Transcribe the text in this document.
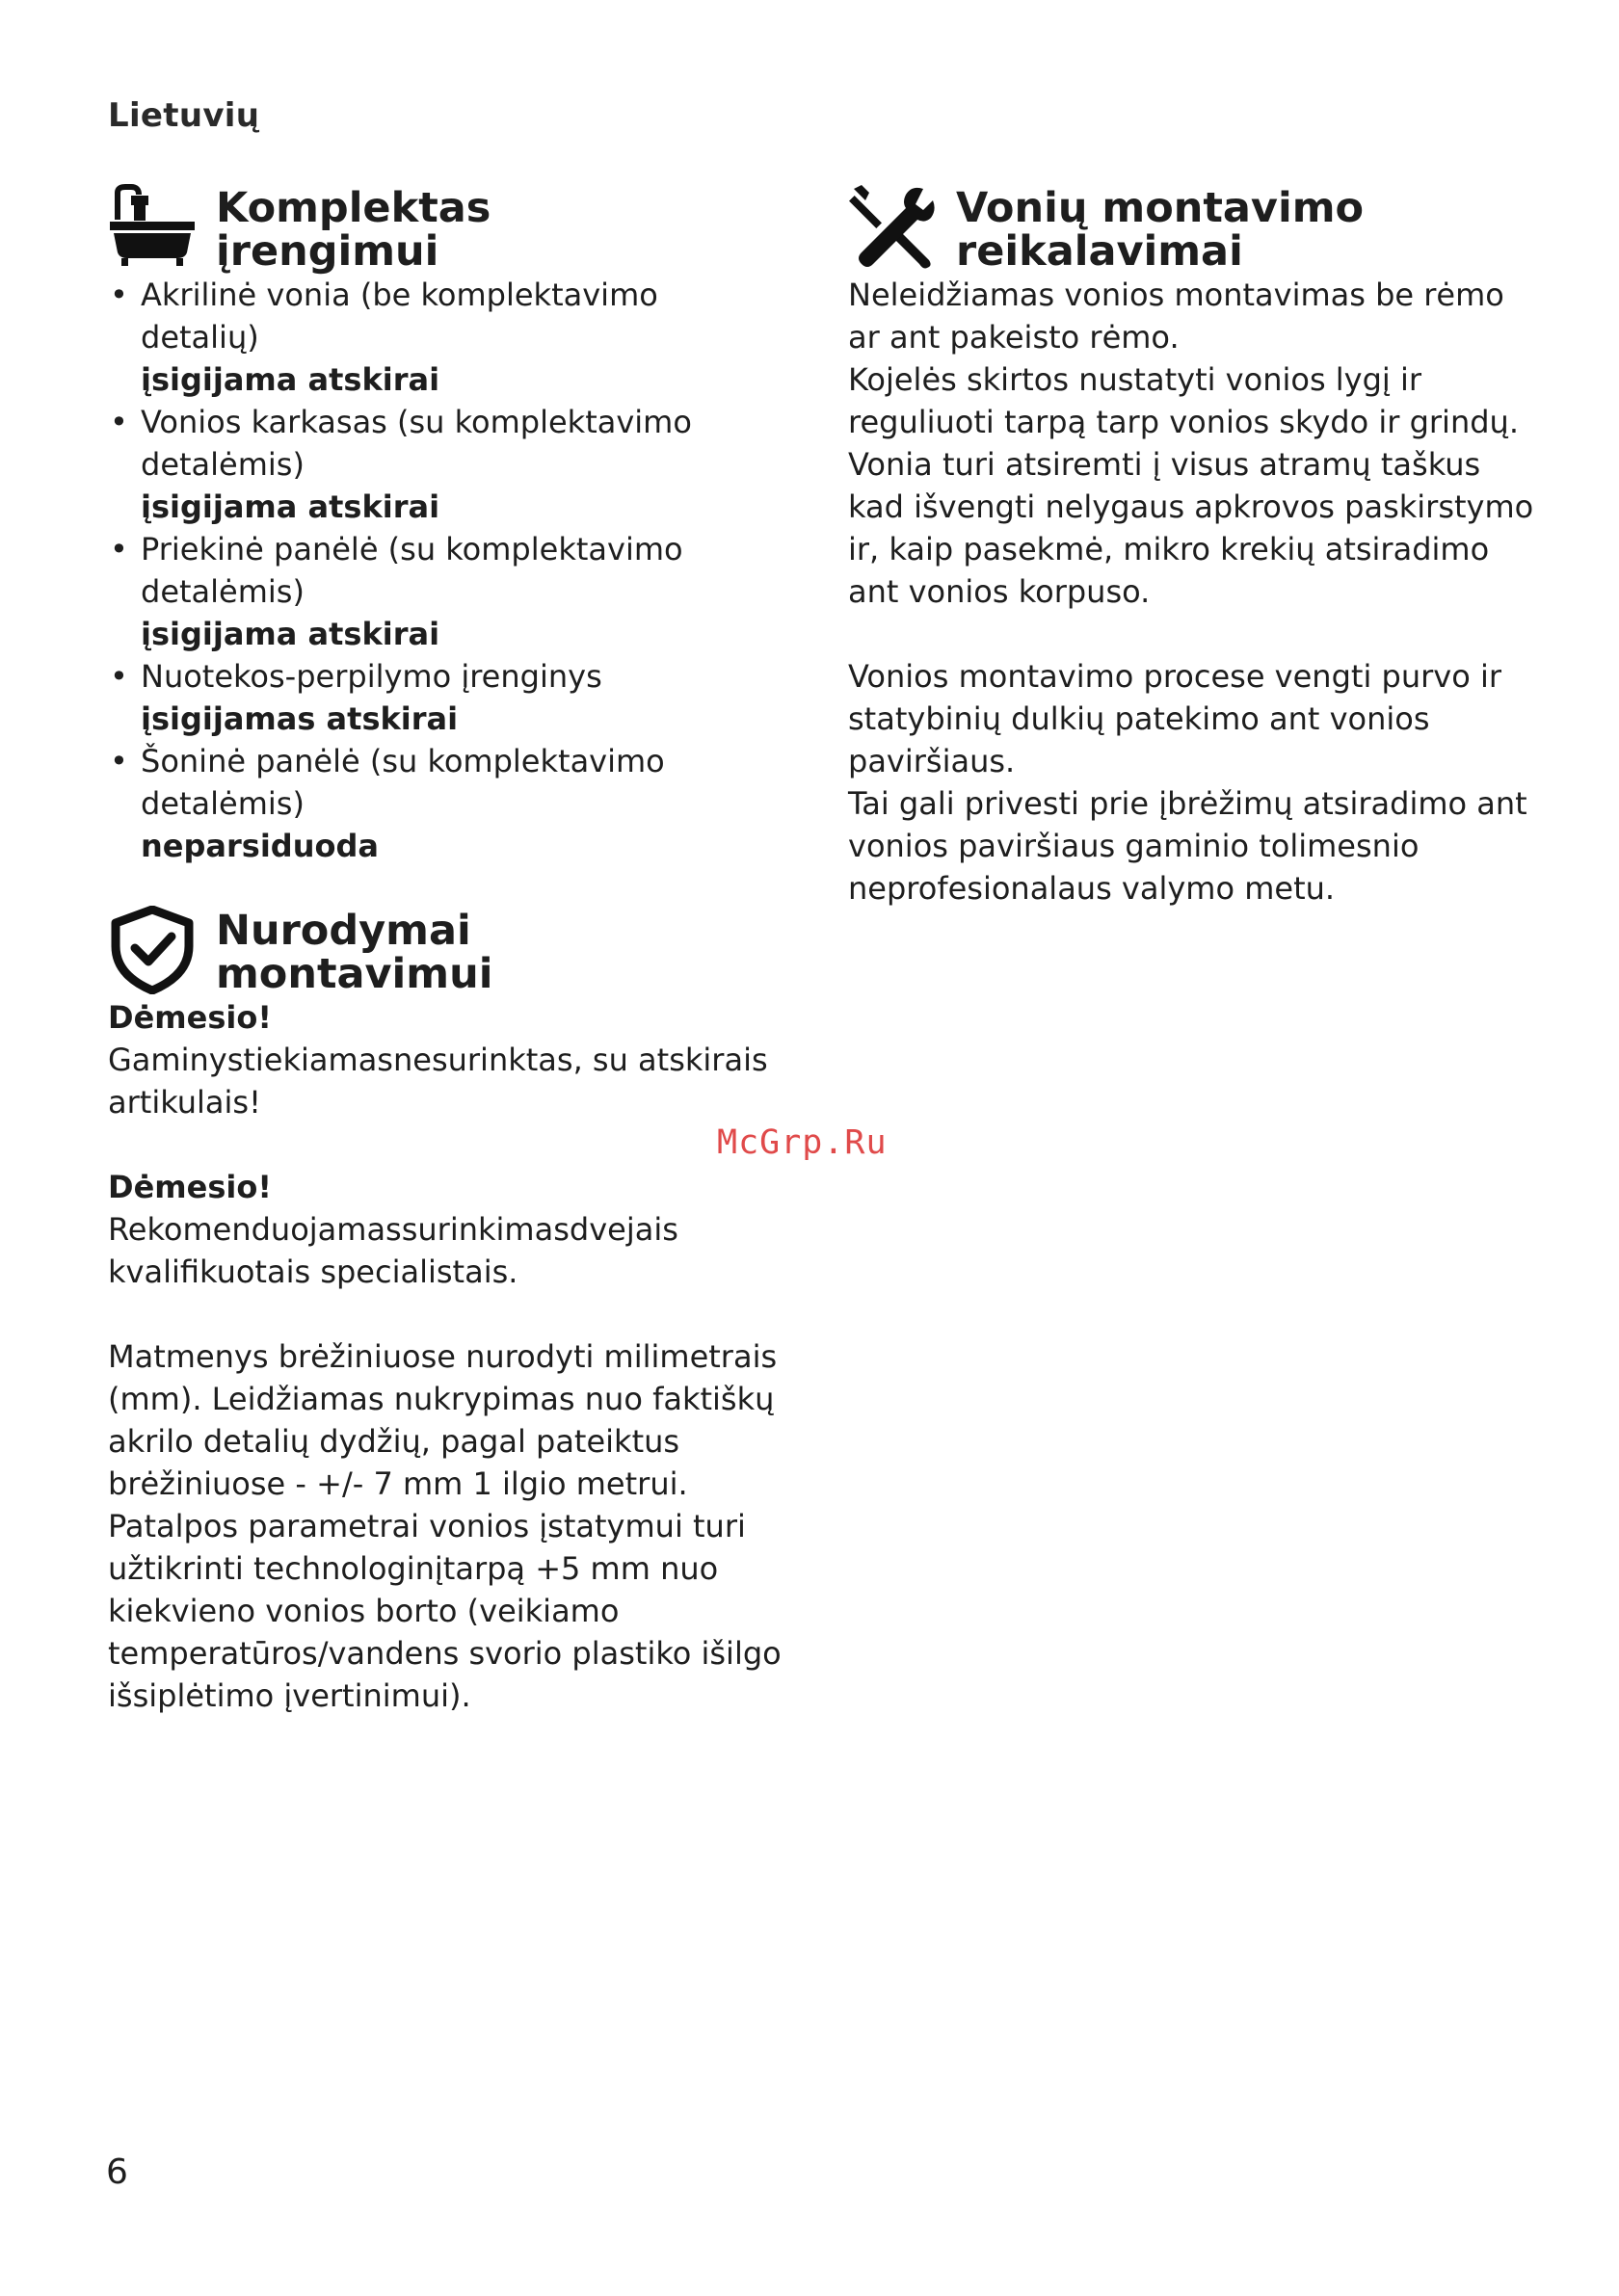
Lietuvių
Komplektas
įrengimui
• Akrilinė vonia (be komplektavimo detalių)
įsigijama atskirai
• Vonios karkasas (su komplektavimo detalėmis)
įsigijama atskirai
• Priekinė panėlė (su komplektavimo detalėmis)
įsigijama atskirai
• Nuotekos-perpilymo įrenginys
įsigijamas atskirai
• Šoninė panėlė (su komplektavimo detalėmis)
neparsiduoda
Nurodymai
montavimui
Dėmesio!
Gaminystiekiamasnesurinktas, su atskirais artikulais!
Dėmesio!
Rekomenduojamassurinkimasdvejais kvalifikuotais specialistais.
Matmenys brėžiniuose nurodyti milimetrais (mm). Leidžiamas nukrypimas nuo faktiškų akrilo detalių dydžių, pagal pateiktus brėžiniuose - +/- 7 mm 1 ilgio metrui.
Patalpos parametrai vonios įstatymui turi užtikrinti technologinįtarpą +5 mm nuo kiekvieno vonios borto (veikiamo temperatūros/vandens svorio plastiko išilgo išsiplėtimo įvertinimui).
Vonių montavimo
reikalavimai
Neleidžiamas vonios montavimas be rėmo ar ant pakeisto rėmo.
Kojelės skirtos nustatyti vonios lygį ir reguliuoti tarpą tarp vonios skydo ir grindų. Vonia turi atsiremti į visus atramų taškus kad išvengti nelygaus apkrovos paskirstymo ir, kaip pasekmė, mikro krekių atsiradimo ant vonios korpuso.
Vonios montavimo procese vengti purvo ir statybinių dulkių patekimo ant vonios paviršiaus.
Tai gali privesti prie įbrėžimų atsiradimo ant vonios paviršiaus gaminio tolimesnio neprofesionalaus valymo metu.
McGrp.Ru
6
